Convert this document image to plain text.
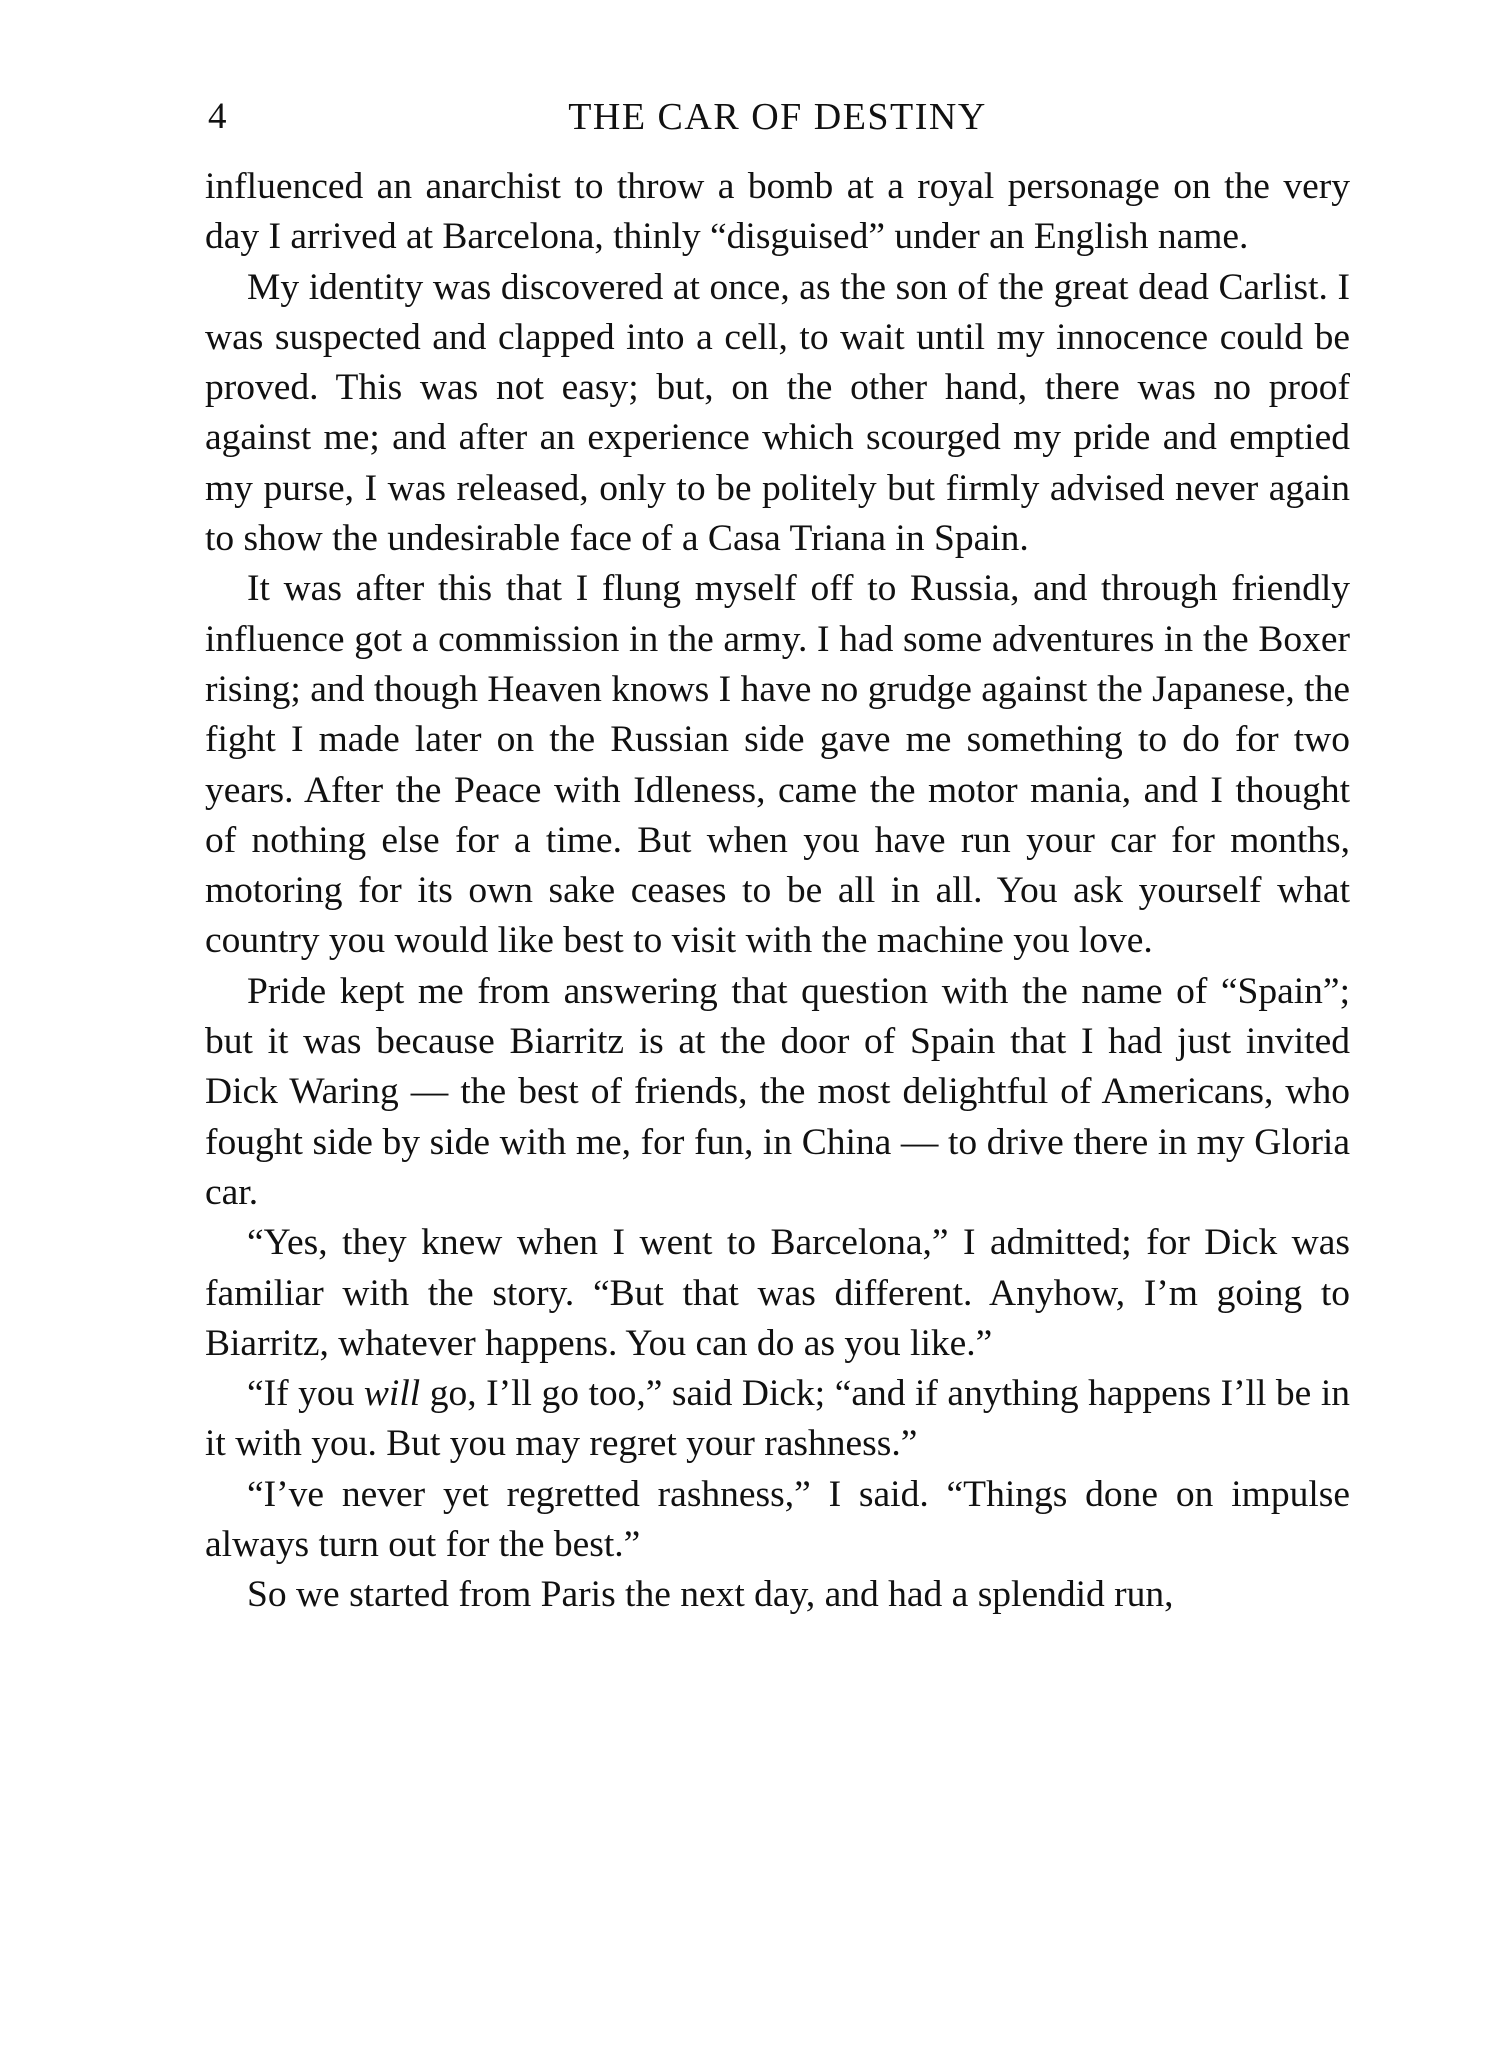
4	THE CAR OF DESTINY

influenced an anarchist to throw a bomb at a royal personage on the very day I arrived at Barcelona, thinly “disguised” under an English name.

My identity was discovered at once, as the son of the great dead Carlist. I was suspected and clapped into a cell, to wait until my innocence could be proved. This was not easy; but, on the other hand, there was no proof against me; and after an experience which scourged my pride and emptied my purse, I was released, only to be politely but firmly advised never again to show the undesirable face of a Casa Triana in Spain.

It was after this that I flung myself off to Russia, and through friendly influence got a commission in the army. I had some adventures in the Boxer rising; and though Heaven knows I have no grudge against the Japanese, the fight I made later on the Russian side gave me something to do for two years. After the Peace with Idleness, came the motor mania, and I thought of nothing else for a time. But when you have run your car for months, motoring for its own sake ceases to be all in all. You ask yourself what country you would like best to visit with the machine you love.

Pride kept me from answering that question with the name of “Spain”; but it was because Biarritz is at the door of Spain that I had just invited Dick Waring — the best of friends, the most delightful of Americans, who fought side by side with me, for fun, in China — to drive there in my Gloria car.

“Yes, they knew when I went to Barcelona,” I admitted; for Dick was familiar with the story. “But that was different. Anyhow, I’m going to Biarritz, whatever happens. You can do as you like.”

“If you will go, I’ll go too,” said Dick; “and if anything happens I’ll be in it with you. But you may regret your rashness.”

“I’ve never yet regretted rashness,” I said. “Things done on impulse always turn out for the best.”

So we started from Paris the next day, and had a splendid run,
